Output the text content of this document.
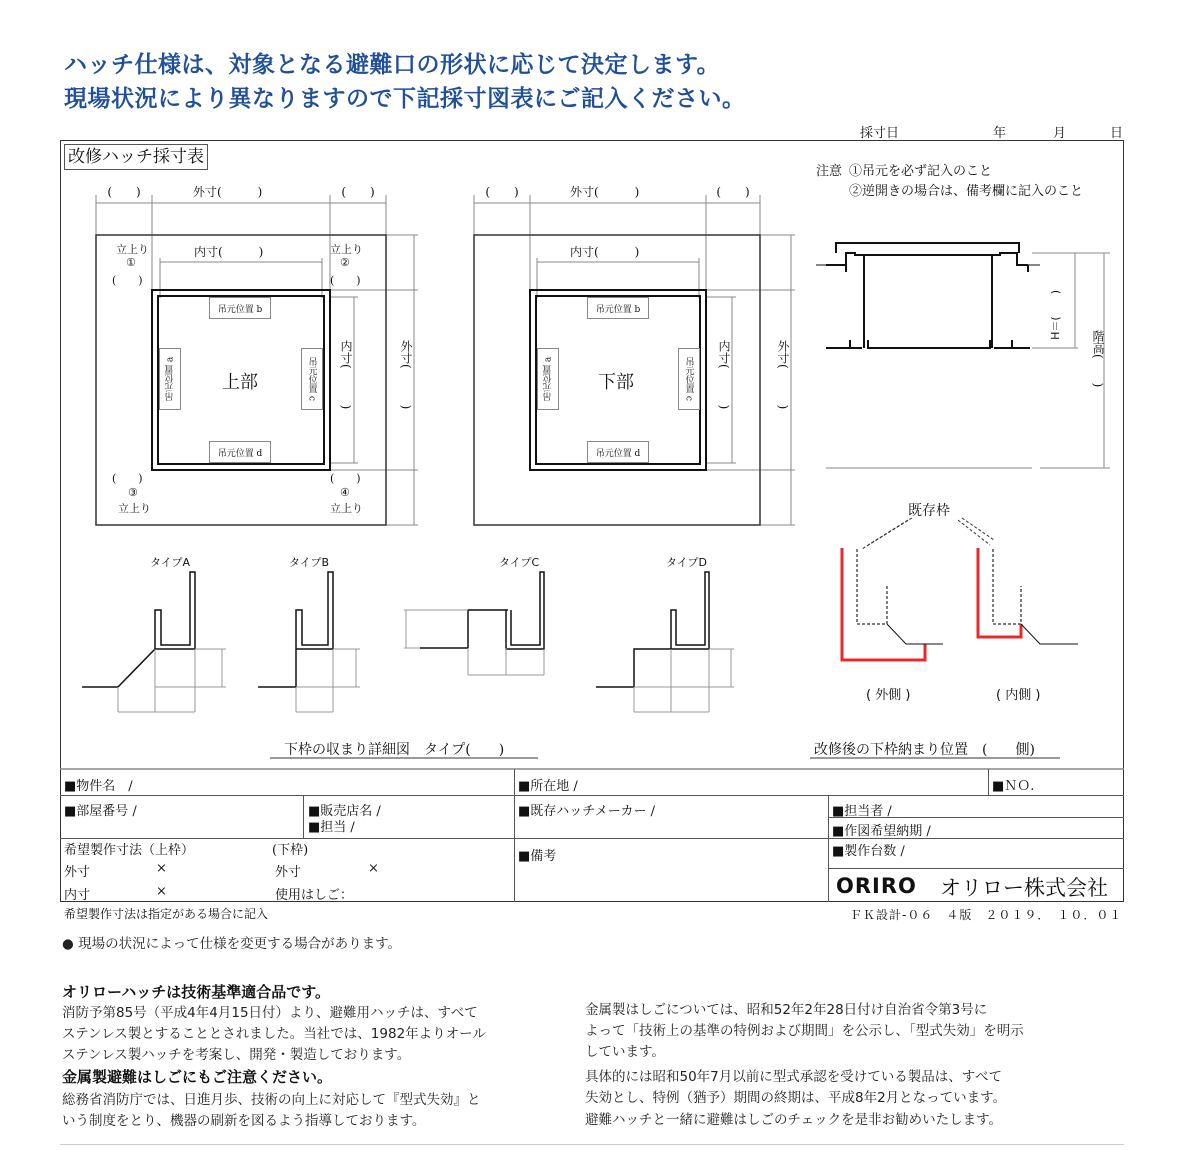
ハッチ仕様は、対象となる避難口の形状に応じて決定します。
現場状況により異なりますので下記採寸図表にご記入ください。
採寸日	年	月	日
改修ハッチ採寸表
注意 ①吊元を必ず記入のこと
②逆開きの場合は、備考欄に記入のこと
(　　)	外寸(　　　)	(　　)
内寸(　　　)
立上り
①
(　　)
立上り
②
(　　)
(　　)
③
立上り
(　　)
④
立上り
内寸(　　　)	外寸(　　　)
上部
吊元位置 b
吊元位置 d
吊元位置 a	吊元位置 c
(　　)	外寸(　　　)	(　　)
内寸(　　　)
内寸(　　　)	外寸(　　　)
下部
吊元位置 b
吊元位置 d
吊元位置 a	吊元位置 c
H＝(　　)
階高(　　)
タイプA	タイプB	タイプC	タイプD
既存枠
( 外側 )	( 内側 )
下枠の収まり詳細図　タイプ(　　)	改修後の下枠納まり位置　(　　側)
■物件名　/	■所在地 /	■ＮＯ.
■部屋番号 /	■販売店名 /
■担当 /
■既存ハッチメーカー /	■担当者 /
■作図希望納期 /
希望製作寸法（上枠）	(下枠)
外寸	×	外寸	×
内寸	×	使用はしご：
■備考	■製作台数 /
ORIRO オリロー株式会社
希望製作寸法は指定がある場合に記入	ＦＫ設計-０６　４版　２０１９．　１０．０１
● 現場の状況によって仕様を変更する場合があります。
オリローハッチは技術基準適合品です。
消防予第85号（平成4年4月15日付）より、避難用ハッチは、すべて
ステンレス製とすることとされました。当社では、1982年よりオール
ステンレス製ハッチを考案し、開発・製造しております。
金属製避難はしごにもご注意ください。
総務省消防庁では、日進月歩、技術の向上に対応して『型式失効』と
いう制度をとり、機器の刷新を図るよう指導しております。
金属製はしごについては、昭和52年2年28日付け自治省令第3号に
よって「技術上の基準の特例および期間」を公示し、「型式失効」を明示
しています。
具体的には昭和50年7月以前に型式承認を受けている製品は、すべて
失効とし、特例（猶予）期間の終期は、平成8年2月となっています。
避難ハッチと一緒に避難はしごのチェックを是非お勧めいたします。
